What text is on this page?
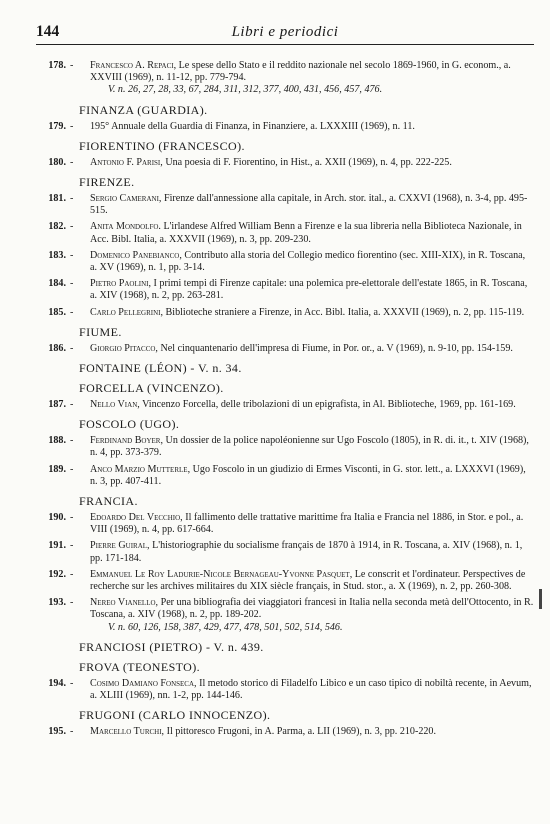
144	Libri e periodici
178. - Francesco A. Repaci, Le spese dello Stato e il reddito nazionale nel secolo 1869-1960, in G. econom., a. XXVIII (1969), n. 11-12, pp. 779-794.
V. n. 26, 27, 28, 33, 67, 284, 311, 312, 377, 400, 431, 456, 457, 476.
FINANZA (GUARDIA).
179. - 195° Annuale della Guardia di Finanza, in Finanziere, a. LXXXIII (1969), n. 11.
FIORENTINO (FRANCESCO).
180. - Antonio F. Parisi, Una poesia di F. Fiorentino, in Hist., a. XXII (1969), n. 4, pp. 222-225.
FIRENZE.
181. - Sergio Camerani, Firenze dall'annessione alla capitale, in Arch. stor. ital., a. CXXVI (1968), n. 3-4, pp. 495-515.
182. - Anita Mondolfo. L'irlandese Alfred William Benn a Firenze e la sua libreria nella Biblioteca Nazionale, in Acc. Bibl. Italia, a. XXXVII (1969), n. 3, pp. 209-230.
183. - Domenico Panebianco, Contributo alla storia del Collegio medico fiorentino (sec. XIII-XIX), in R. Toscana, a. XV (1969), n. 1, pp. 3-14.
184. - Pietro Paolini, I primi tempi di Firenze capitale: una polemica pre-elettorale dell'estate 1865, in R. Toscana, a. XIV (1968), n. 2, pp. 263-281.
185. - Carlo Pellegrini, Biblioteche straniere a Firenze, in Acc. Bibl. Italia, a. XXXVII (1969), n. 2, pp. 115-119.
FIUME.
186. - Giorgio Pitacco, Nel cinquantenario dell'impresa di Fiume, in Por. or., a. V (1969), n. 9-10, pp. 154-159.
FONTAINE (LÉON) - V. n. 34.
FORCELLA (VINCENZO).
187. - Nello Vian, Vincenzo Forcella, delle tribolazioni di un epigrafista, in Al. Biblioteche, 1969, pp. 161-169.
FOSCOLO (UGO).
188. - Ferdinand Boyer, Un dossier de la police napoléonienne sur Ugo Foscolo (1805), in R. di. it., t. XIV (1968), n. 4, pp. 373-379.
189. - Anco Marzio Mutterle, Ugo Foscolo in un giudizio di Ermes Visconti, in G. stor. lett., a. LXXXVI (1969), n. 3, pp. 407-411.
FRANCIA.
190. - Edoardo Del Vecchio, Il fallimento delle trattative marittime fra Italia e Francia nel 1886, in Stor. e pol., a. VIII (1969), n. 4, pp. 617-664.
191. - Pierre Guiral, L'historiographie du socialisme français de 1870 à 1914, in R. Toscana, a. XIV (1968), n. 1, pp. 171-184.
192. - Emmanuel Le Roy Ladurie-Nicole Bernageau-Yvonne Pasquet, Le conscrit et l'ordinateur. Perspectives de recherche sur les archives militaires du XIX siècle français, in Stud. stor., a. X (1969), n. 2, pp. 260-308.
193. - Nereo Vianello, Per una bibliografia dei viaggiatori francesi in Italia nella seconda metà dell'Ottocento, in R. Toscana, a. XIV (1968), n. 2, pp. 189-202.
V. n. 60, 126, 158, 387, 429, 477, 478, 501, 502, 514, 546.
FRANCIOSI (PIETRO) - V. n. 439.
FROVA (TEONESTO).
194. - Cosimo Damiano Fonseca, Il metodo storico di Filadelfo Libico e un caso tipico di nobiltà recente, in Aevum, a. XLIII (1969), nn. 1-2, pp. 144-146.
FRUGONI (CARLO INNOCENZO).
195. - Marcello Turchi, Il pittoresco Frugoni, in A. Parma, a. LII (1969), n. 3, pp. 210-220.
